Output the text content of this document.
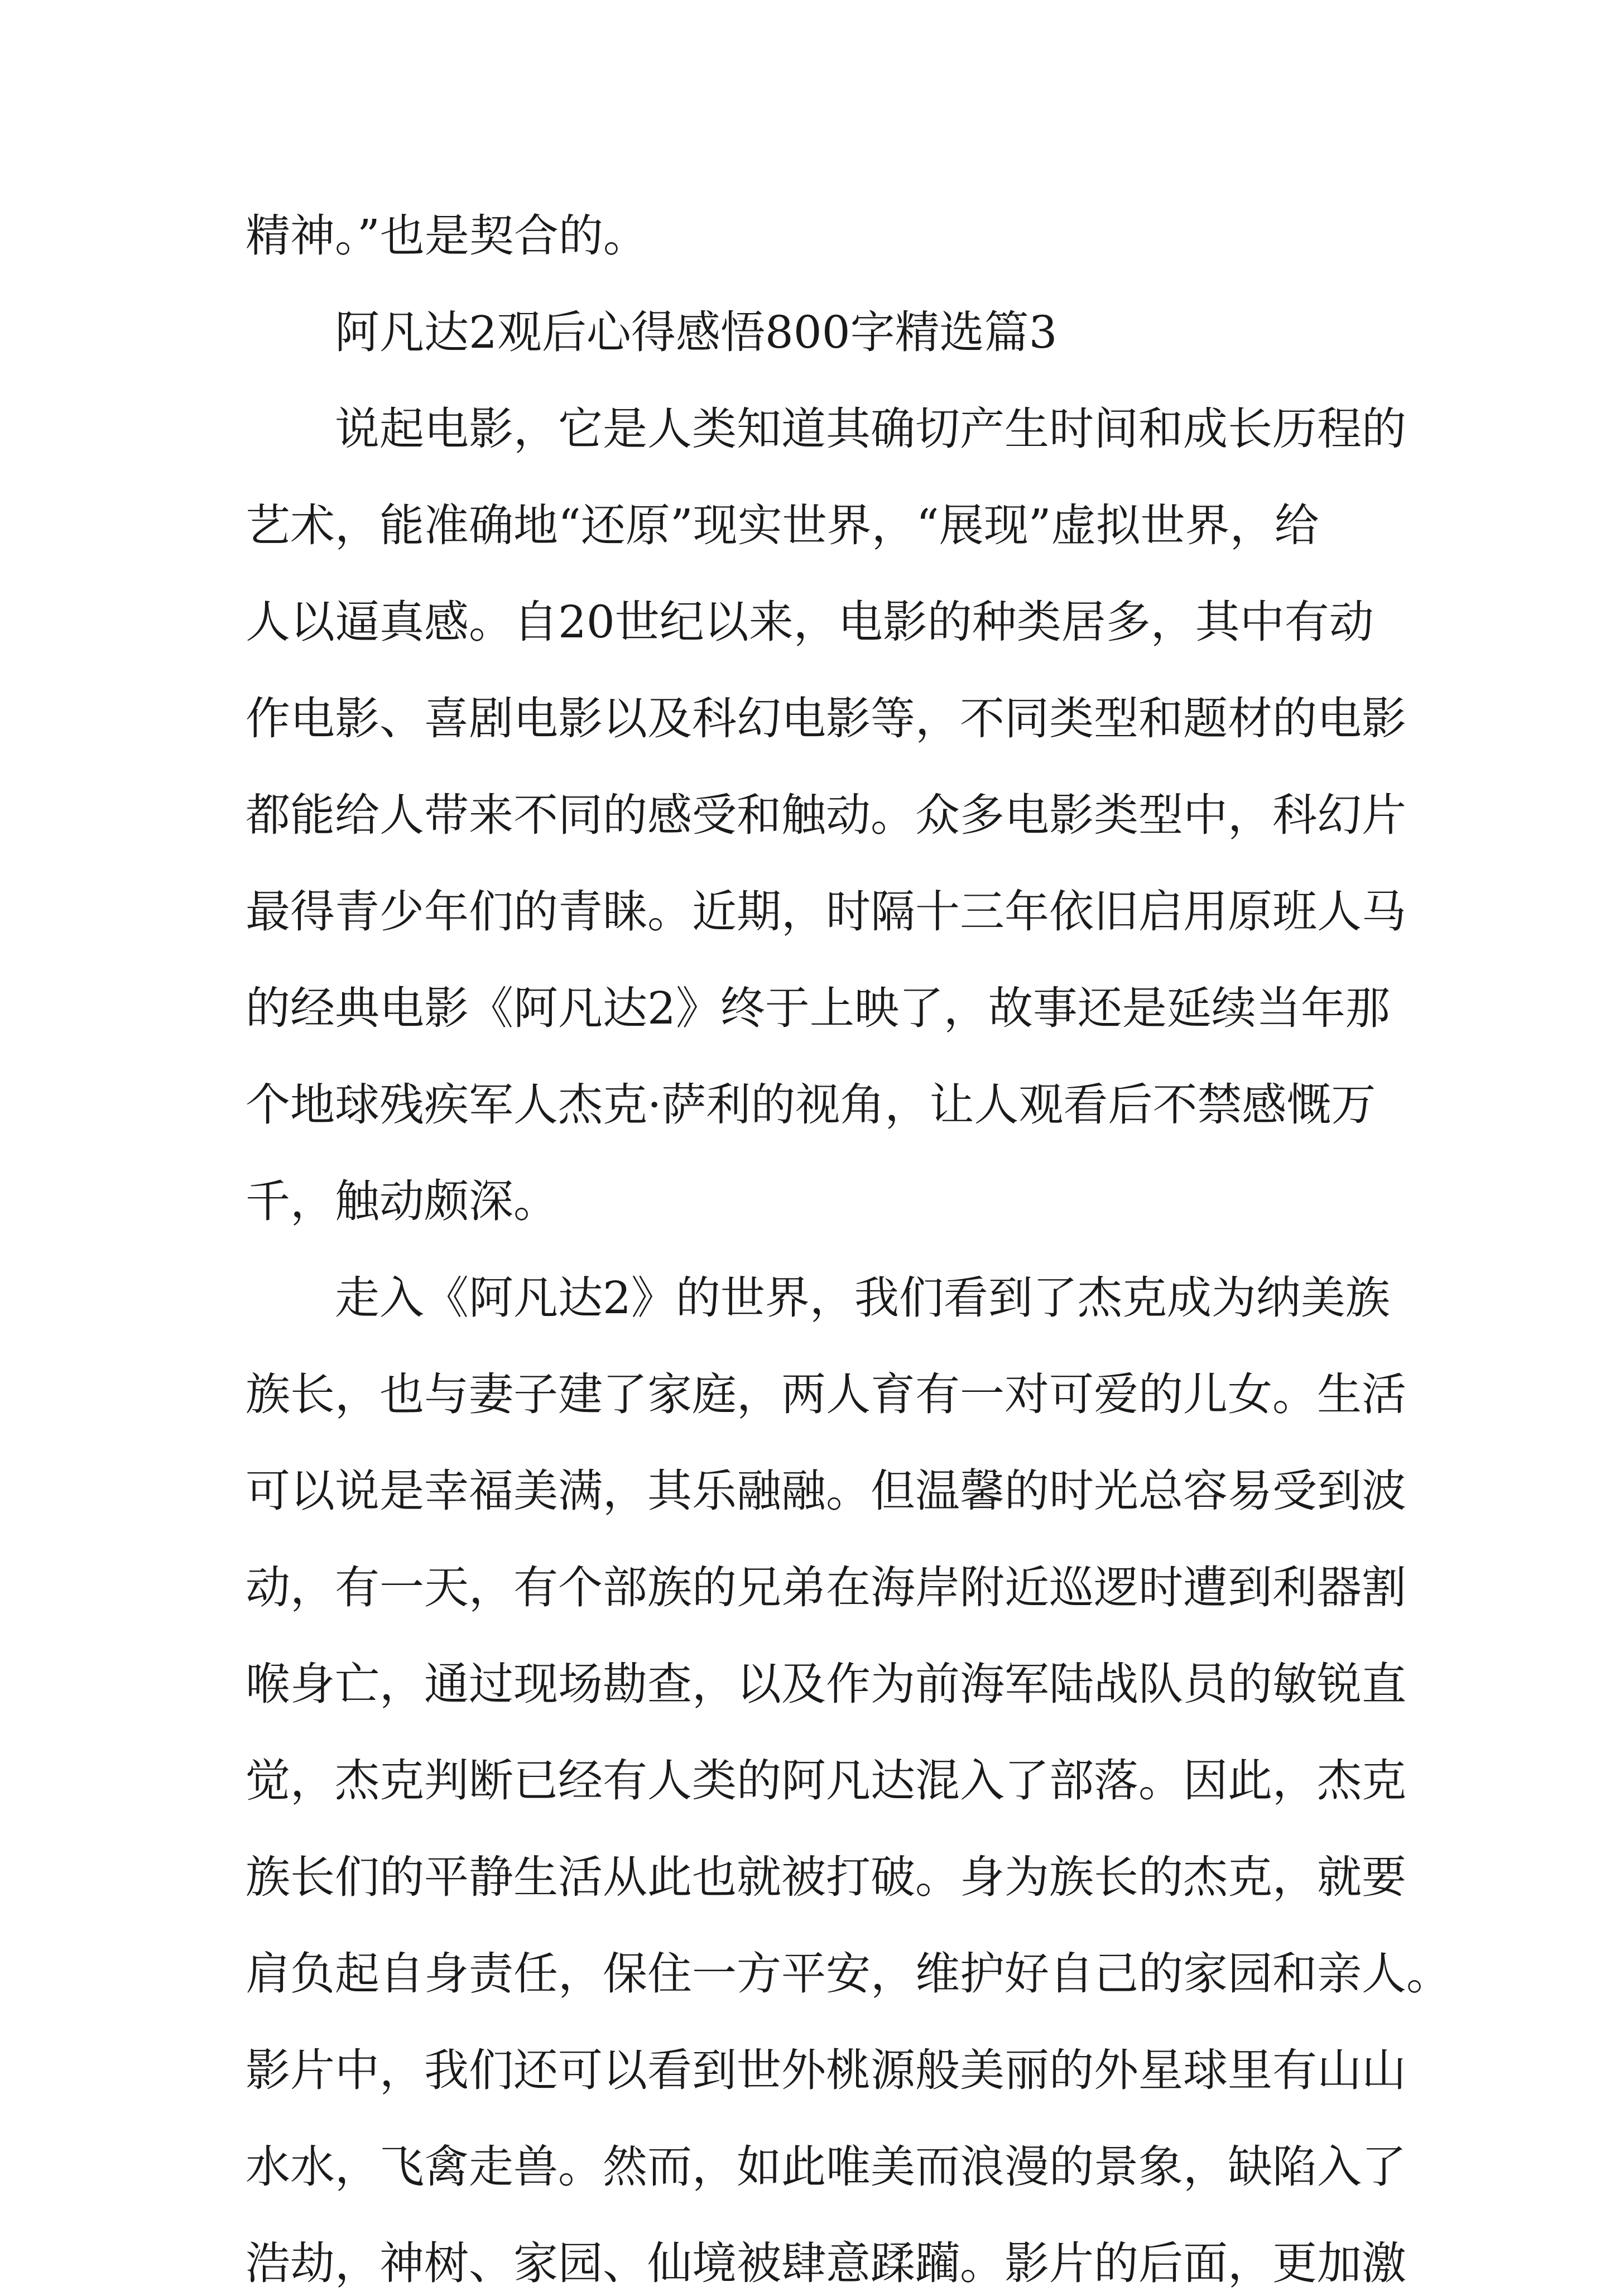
精神。”也是契合的。
阿凡达2观后心得感悟800字精选篇3
说起电影，它是人类知道其确切产生时间和成长历程的
艺术，能准确地“还原”现实世界，“展现”虚拟世界，给
人以逼真感。自20世纪以来，电影的种类居多，其中有动
作电影、喜剧电影以及科幻电影等，不同类型和题材的电影
都能给人带来不同的感受和触动。众多电影类型中，科幻片
最得青少年们的青睐。近期，时隔十三年依旧启用原班人马
的经典电影《阿凡达2》终于上映了，故事还是延续当年那
个地球残疾军人杰克·萨利的视角，让人观看后不禁感慨万
千，触动颇深。
走入《阿凡达2》的世界，我们看到了杰克成为纳美族
族长，也与妻子建了家庭，两人育有一对可爱的儿女。生活
可以说是幸福美满，其乐融融。但温馨的时光总容易受到波
动，有一天，有个部族的兄弟在海岸附近巡逻时遭到利器割
喉身亡，通过现场勘查，以及作为前海军陆战队员的敏锐直
觉，杰克判断已经有人类的阿凡达混入了部落。因此，杰克
族长们的平静生活从此也就被打破。身为族长的杰克，就要
肩负起自身责任，保住一方平安，维护好自己的家园和亲人。
影片中，我们还可以看到世外桃源般美丽的外星球里有山山
水水，飞禽走兽。然而，如此唯美而浪漫的景象，缺陷入了
浩劫，神树、家园、仙境被肆意蹂躏。影片的后面，更加激
